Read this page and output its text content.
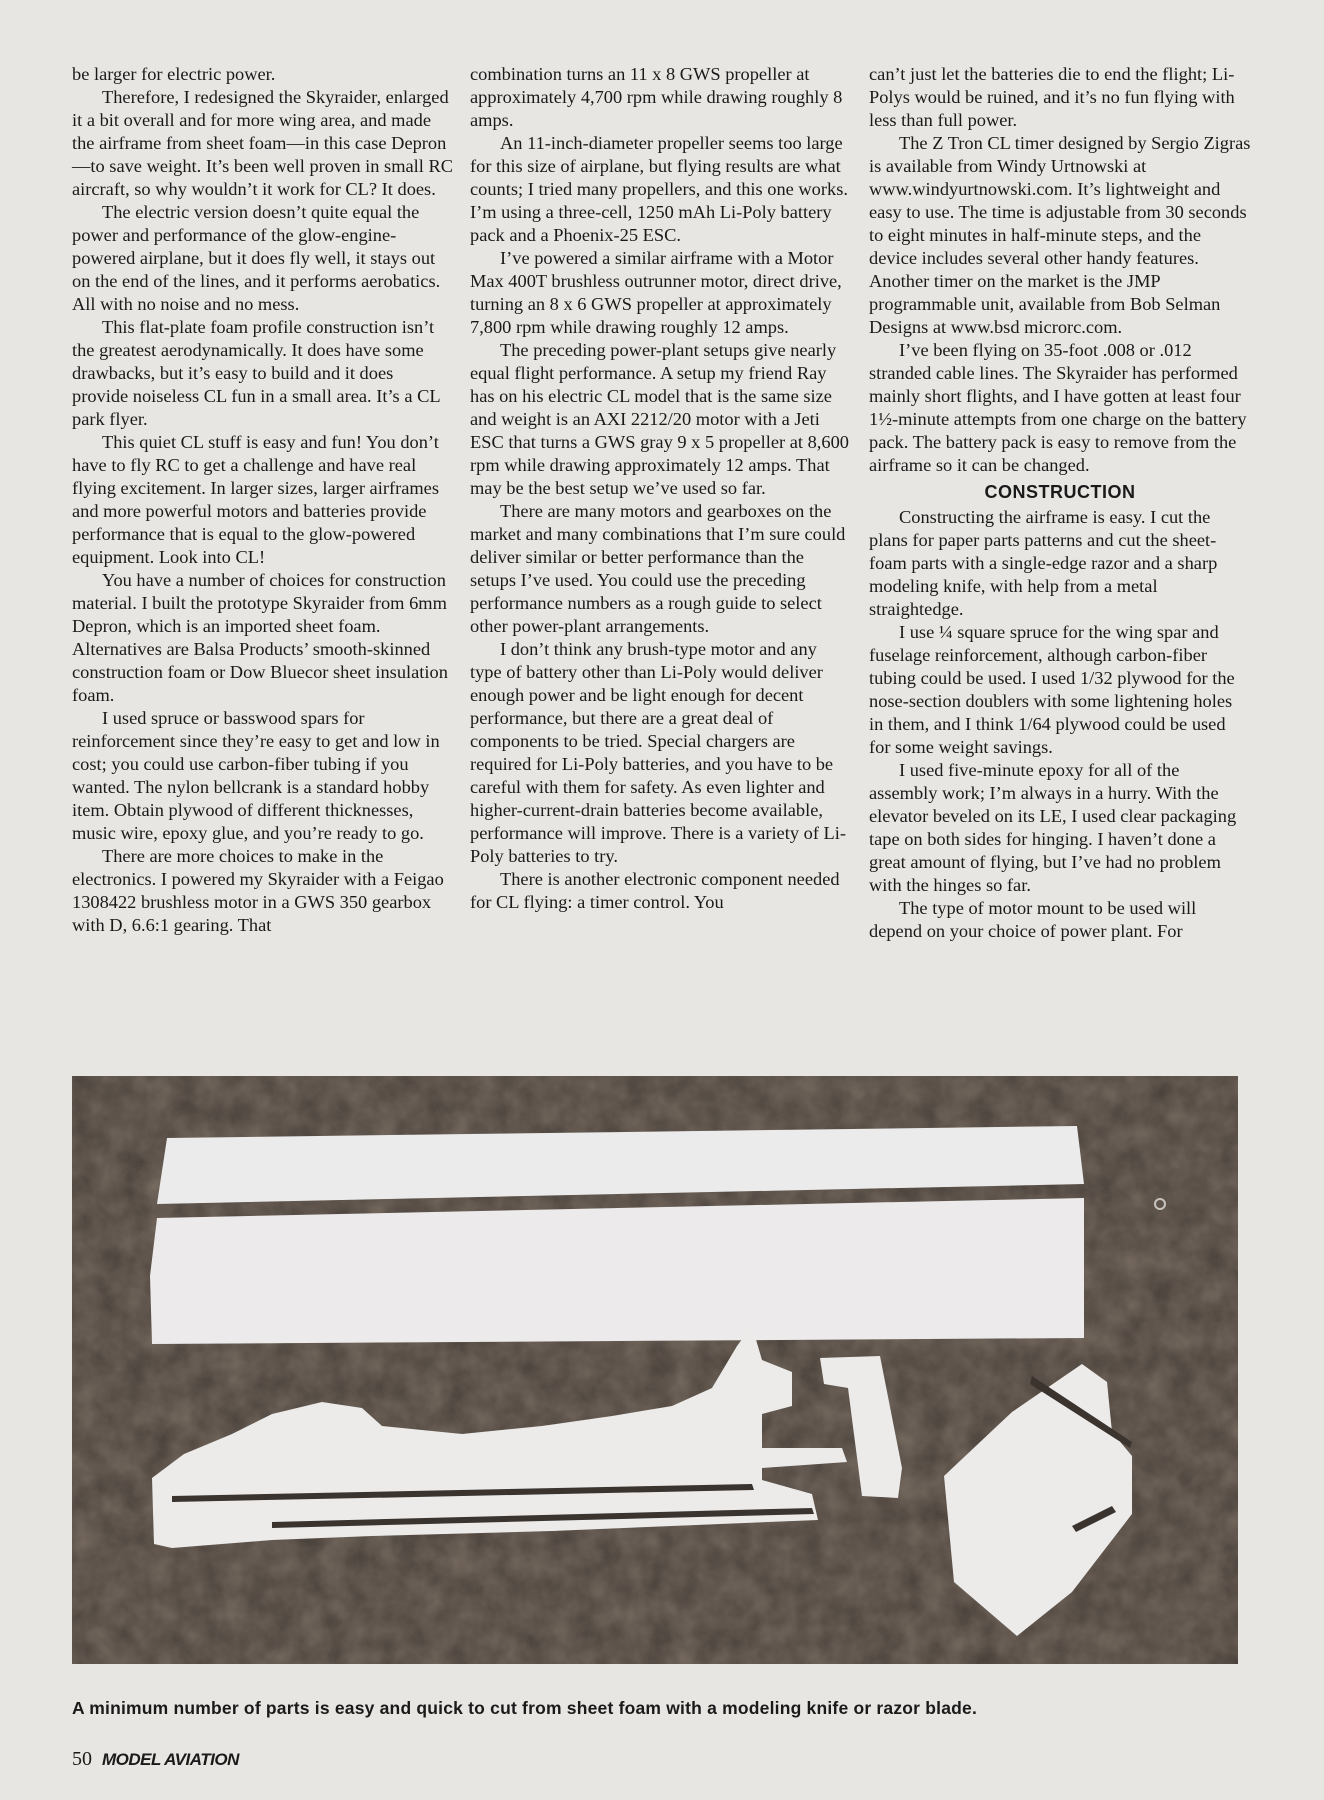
be larger for electric power.

Therefore, I redesigned the Skyraider, enlarged it a bit overall and for more wing area, and made the airframe from sheet foam—in this case Depron—to save weight. It’s been well proven in small RC aircraft, so why wouldn’t it work for CL? It does.

The electric version doesn’t quite equal the power and performance of the glow-engine-powered airplane, but it does fly well, it stays out on the end of the lines, and it performs aerobatics. All with no noise and no mess.

This flat-plate foam profile construction isn’t the greatest aerodynamically. It does have some drawbacks, but it’s easy to build and it does provide noiseless CL fun in a small area. It’s a CL park flyer.

This quiet CL stuff is easy and fun! You don’t have to fly RC to get a challenge and have real flying excitement. In larger sizes, larger airframes and more powerful motors and batteries provide performance that is equal to the glow-powered equipment. Look into CL!

You have a number of choices for construction material. I built the prototype Skyraider from 6mm Depron, which is an imported sheet foam. Alternatives are Balsa Products’ smooth-skinned construction foam or Dow Bluecor sheet insulation foam.

I used spruce or basswood spars for reinforcement since they’re easy to get and low in cost; you could use carbon-fiber tubing if you wanted. The nylon bellcrank is a standard hobby item. Obtain plywood of different thicknesses, music wire, epoxy glue, and you’re ready to go.

There are more choices to make in the electronics. I powered my Skyraider with a Feigao 1308422 brushless motor in a GWS 350 gearbox with D, 6.6:1 gearing. That

combination turns an 11 x 8 GWS propeller at approximately 4,700 rpm while drawing roughly 8 amps.

An 11-inch-diameter propeller seems too large for this size of airplane, but flying results are what counts; I tried many propellers, and this one works. I’m using a three-cell, 1250 mAh Li-Poly battery pack and a Phoenix-25 ESC.

I’ve powered a similar airframe with a Motor Max 400T brushless outrunner motor, direct drive, turning an 8 x 6 GWS propeller at approximately 7,800 rpm while drawing roughly 12 amps.

The preceding power-plant setups give nearly equal flight performance. A setup my friend Ray has on his electric CL model that is the same size and weight is an AXI 2212/20 motor with a Jeti ESC that turns a GWS gray 9 x 5 propeller at 8,600 rpm while drawing approximately 12 amps. That may be the best setup we’ve used so far.

There are many motors and gearboxes on the market and many combinations that I’m sure could deliver similar or better performance than the setups I’ve used. You could use the preceding performance numbers as a rough guide to select other power-plant arrangements.

I don’t think any brush-type motor and any type of battery other than Li-Poly would deliver enough power and be light enough for decent performance, but there are a great deal of components to be tried. Special chargers are required for Li-Poly batteries, and you have to be careful with them for safety. As even lighter and higher-current-drain batteries become available, performance will improve. There is a variety of Li-Poly batteries to try.

There is another electronic component needed for CL flying: a timer control. You

can’t just let the batteries die to end the flight; Li-Polys would be ruined, and it’s no fun flying with less than full power.

The Z Tron CL timer designed by Sergio Zigras is available from Windy Urtnowski at www.windyurtnowski.com. It’s lightweight and easy to use. The time is adjustable from 30 seconds to eight minutes in half-minute steps, and the device includes several other handy features. Another timer on the market is the JMP programmable unit, available from Bob Selman Designs at www.bsd microrc.com.

I’ve been flying on 35-foot .008 or .012 stranded cable lines. The Skyraider has performed mainly short flights, and I have gotten at least four 1½-minute attempts from one charge on the battery pack. The battery pack is easy to remove from the airframe so it can be changed.

CONSTRUCTION

Constructing the airframe is easy. I cut the plans for paper parts patterns and cut the sheet-foam parts with a single-edge razor and a sharp modeling knife, with help from a metal straightedge.

I use ¼ square spruce for the wing spar and fuselage reinforcement, although carbon-fiber tubing could be used. I used 1/32 plywood for the nose-section doublers with some lightening holes in them, and I think 1/64 plywood could be used for some weight savings.

I used five-minute epoxy for all of the assembly work; I’m always in a hurry. With the elevator beveled on its LE, I used clear packaging tape on both sides for hinging. I haven’t done a great amount of flying, but I’ve had no problem with the hinges so far.

The type of motor mount to be used will depend on your choice of power plant. For

A minimum number of parts is easy and quick to cut from sheet foam with a modeling knife or razor blade.
50 MODEL AVIATION
